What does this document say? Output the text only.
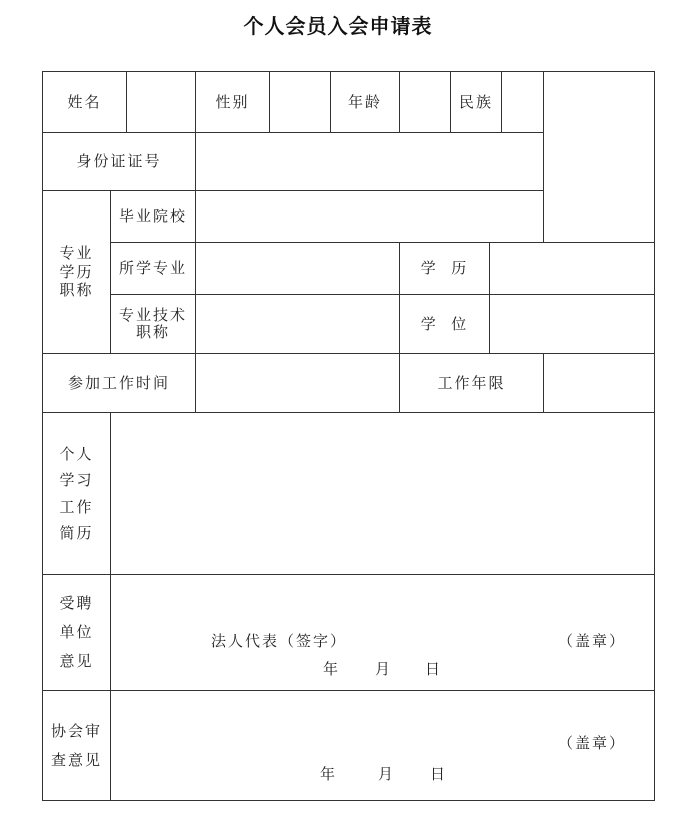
个人会员入会申请表
姓名	性别	年龄	民族
身份证证号
专业学历职称
毕业院校
所学专业	学  历
专业技术职称	学  位
参加工作时间	工作年限
个人学习工作简历
受聘单位意见
法人代表（签字）	（盖章）
年 月 日
协会审查意见
（盖章）
年	月 日
